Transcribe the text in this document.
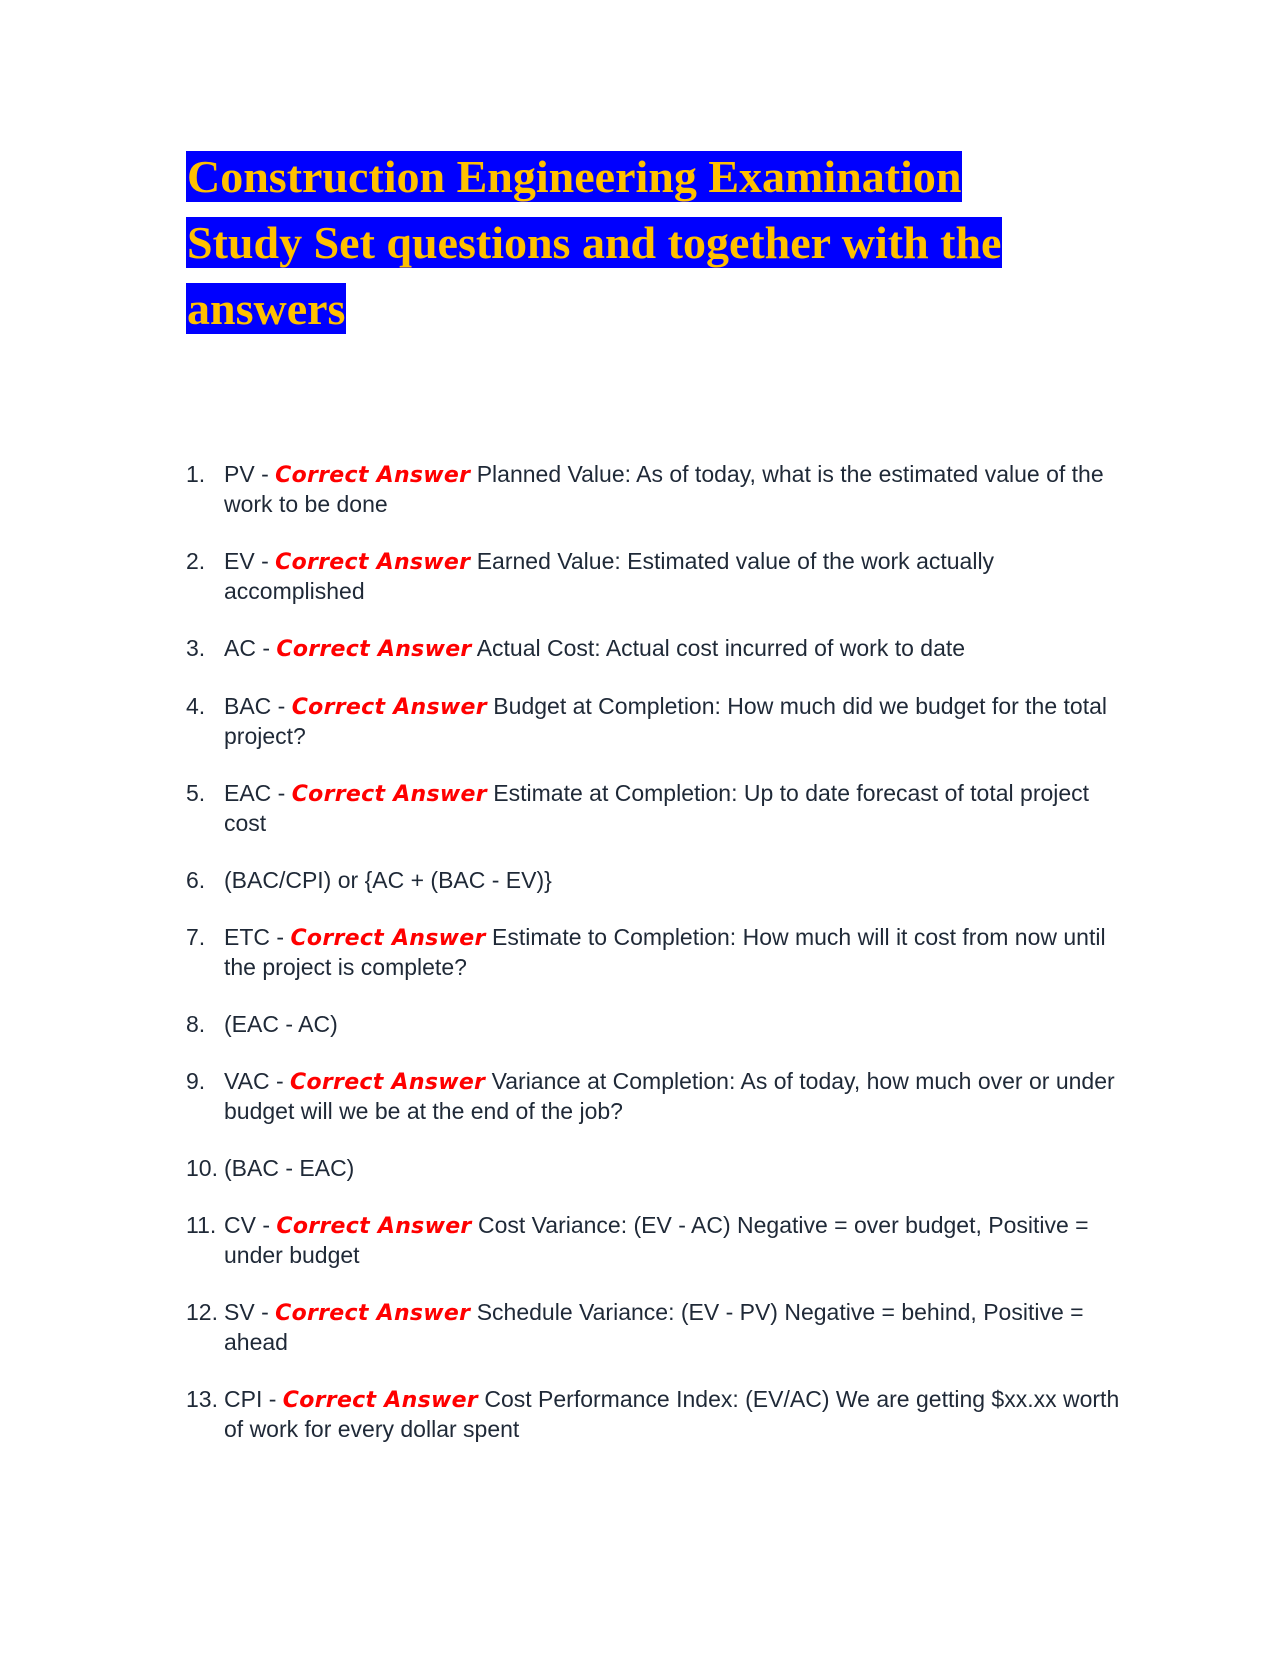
Construction Engineering Examination Study Set questions and together with the answers
1. PV - Correct Answer Planned Value: As of today, what is the estimated value of the work to be done
2. EV - Correct Answer Earned Value: Estimated value of the work actually accomplished
3. AC - Correct Answer Actual Cost: Actual cost incurred of work to date
4. BAC - Correct Answer Budget at Completion: How much did we budget for the total project?
5. EAC - Correct Answer Estimate at Completion: Up to date forecast of total project cost
6. (BAC/CPI) or {AC + (BAC - EV)}
7. ETC - Correct Answer Estimate to Completion: How much will it cost from now until the project is complete?
8. (EAC - AC)
9. VAC - Correct Answer Variance at Completion: As of today, how much over or under budget will we be at the end of the job?
10. (BAC - EAC)
11. CV - Correct Answer Cost Variance: (EV - AC) Negative = over budget, Positive = under budget
12. SV - Correct Answer Schedule Variance: (EV - PV) Negative = behind, Positive = ahead
13. CPI - Correct Answer Cost Performance Index: (EV/AC) We are getting $xx.xx worth of work for every dollar spent
